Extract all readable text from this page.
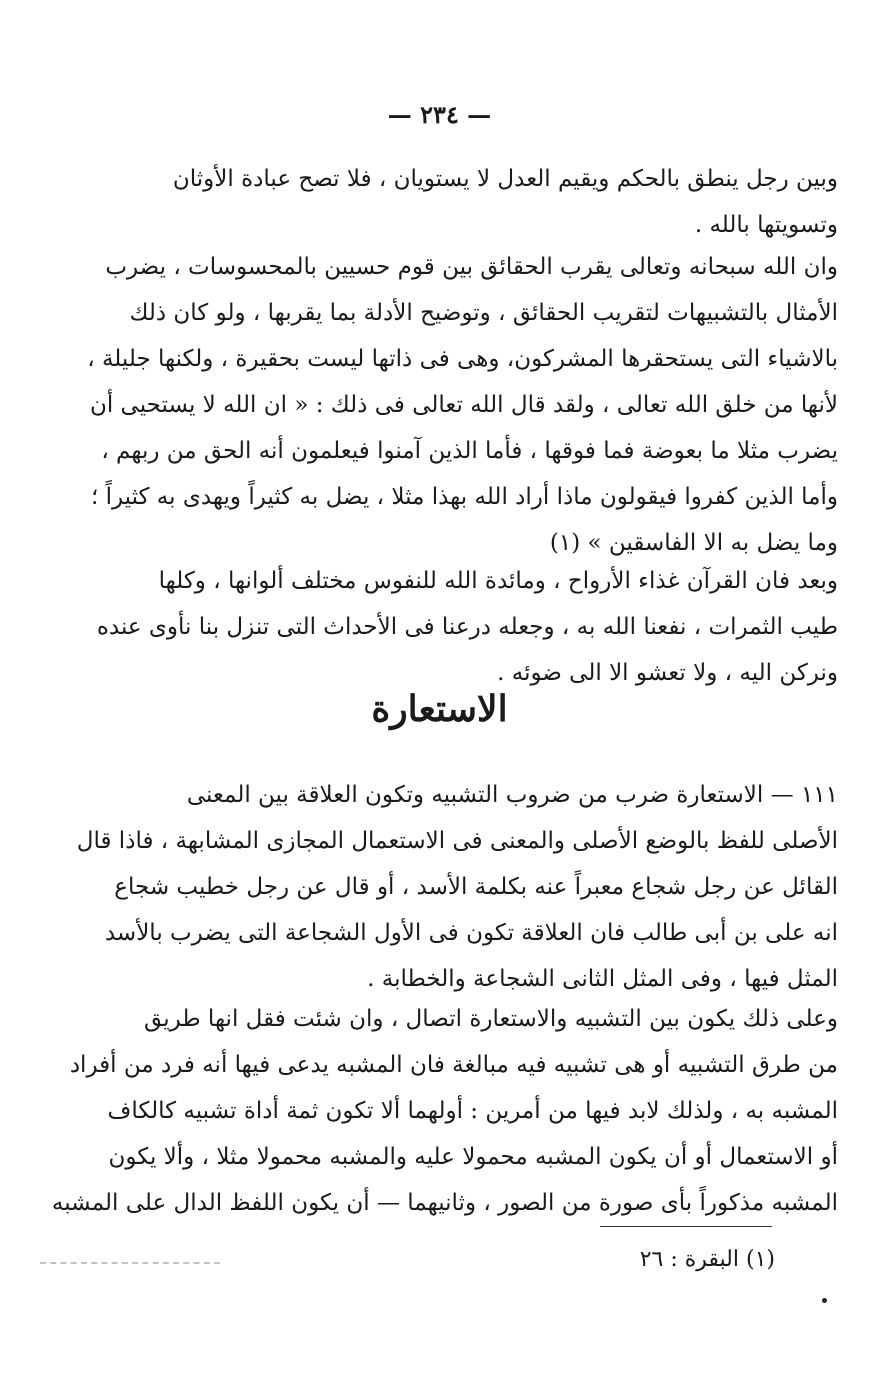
— ٢٣٤ —

وبين رجل ينطق بالحكم ويقيم العدل لا يستويان ، فلا تصح عبادة الأوثان
وتسويتها بالله .

وان الله سبحانه وتعالى يقرب الحقائق بين قوم حسيين بالمحسوسات ، يضرب
الأمثال بالتشبيهات لتقريب الحقائق ، وتوضيح الأدلة بما يقربها ، ولو كان ذلك
بالاشياء التى يستحقرها المشركون، وهى فى ذاتها ليست بحقيرة ، ولكنها جليلة ،
لأنها من خلق الله تعالى ، ولقد قال الله تعالى فى ذلك : « ان الله لا يستحيى أن
يضرب مثلا ما بعوضة فما فوقها ، فأما الذين آمنوا فيعلمون أنه الحق من ربهم ،
وأما الذين كفروا فيقولون ماذا أراد الله بهذا مثلا ، يضل به كثيراً ويهدى به كثيراً ؛
وما يضل به الا الفاسقين » (١)

وبعد فان القرآن غذاء الأرواح ، ومائدة الله للنفوس مختلف ألوانها ، وكلها
طيب الثمرات ، نفعنا الله به ، وجعله درعنا فى الأحداث التى تنزل بنا نأوى عنده
ونركن اليه ، ولا تعشو الا الى ضوئه .

الاستعارة

١١١ — الاستعارة ضرب من ضروب التشبيه وتكون العلاقة بين المعنى
الأصلى للفظ بالوضع الأصلى والمعنى فى الاستعمال المجازى المشابهة ، فاذا قال
القائل عن رجل شجاع معبراً عنه بكلمة الأسد ، أو قال عن رجل خطيب شجاع
انه على بن أبى طالب فان العلاقة تكون فى الأول الشجاعة التى يضرب بالأسد
المثل فيها ، وفى المثل الثانى الشجاعة والخطابة .

وعلى ذلك يكون بين التشبيه والاستعارة اتصال ، وان شئت فقل انها طريق
من طرق التشبيه أو هى تشبيه فيه مبالغة فان المشبه يدعى فيها أنه فرد من أفراد
المشبه به ، ولذلك لابد فيها من أمرين : أولهما ألا تكون ثمة أداة تشبيه كالكاف
أو الاستعمال أو أن يكون المشبه محمولا عليه والمشبه محمولا مثلا ، وألا يكون
المشبه مذكوراً بأى صورة من الصور ، وثانيهما — أن يكون اللفظ الدال على المشبه

(١) البقرة : ٢٦
